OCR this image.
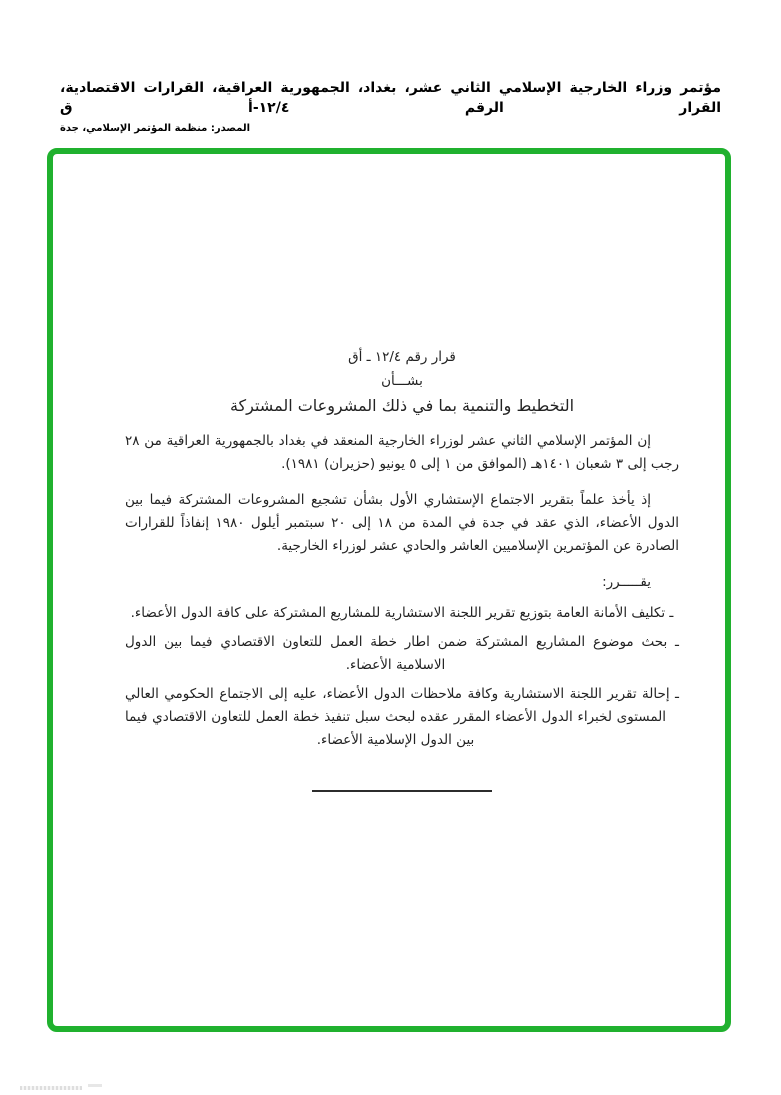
مؤتمر وزراء الخارجية الإسلامي الثاني عشر، بغداد، الجمهورية العراقية، القرارات الاقتصادية، القرار الرقم ١٢/٤-أ ق
المصدر: منظمة المؤتمر الإسلامي، جدة
قرار رقم ١٢/٤ ـ أق
بشـــأن
التخطيط والتنمية بما في ذلك المشروعات المشتركة

إن المؤتمر الإسلامي الثاني عشر لوزراء الخارجية المنعقد في بغداد بالجمهورية العراقية من ٢٨ رجب إلى ٣ شعبان ١٤٠١هـ (الموافق من ١ إلى ٥ يونيو (حزيران) ١٩٨١).

إذ يأخذ علماً بتقرير الاجتماع الإستشاري الأول بشأن تشجيع المشروعات المشتركة فيما بين الدول الأعضاء، الذي عقد في جدة في المدة من ١٨ إلى ٢٠ سبتمبر أيلول ١٩٨٠ إنفاذاً للقرارات الصادرة عن المؤتمرين الإسلاميين العاشر والحادي عشر لوزراء الخارجية.

يقـــــرر:

ـ تكليف الأمانة العامة بتوزيع تقرير اللجنة الاستشارية للمشاريع المشتركة على كافة الدول الأعضاء.

ـ بحث موضوع المشاريع المشتركة ضمن اطار خطة العمل للتعاون الاقتصادي فيما بين الدول الاسلامية الأعضاء.

ـ إحالة تقرير اللجنة الاستشارية وكافة ملاحظات الدول الأعضاء، عليه إلى الاجتماع الحكومي العالي المستوى لخبراء الدول الأعضاء المقرر عقده لبحث سبل تنفيذ خطة العمل للتعاون الاقتصادي فيما بين الدول الإسلامية الأعضاء.
